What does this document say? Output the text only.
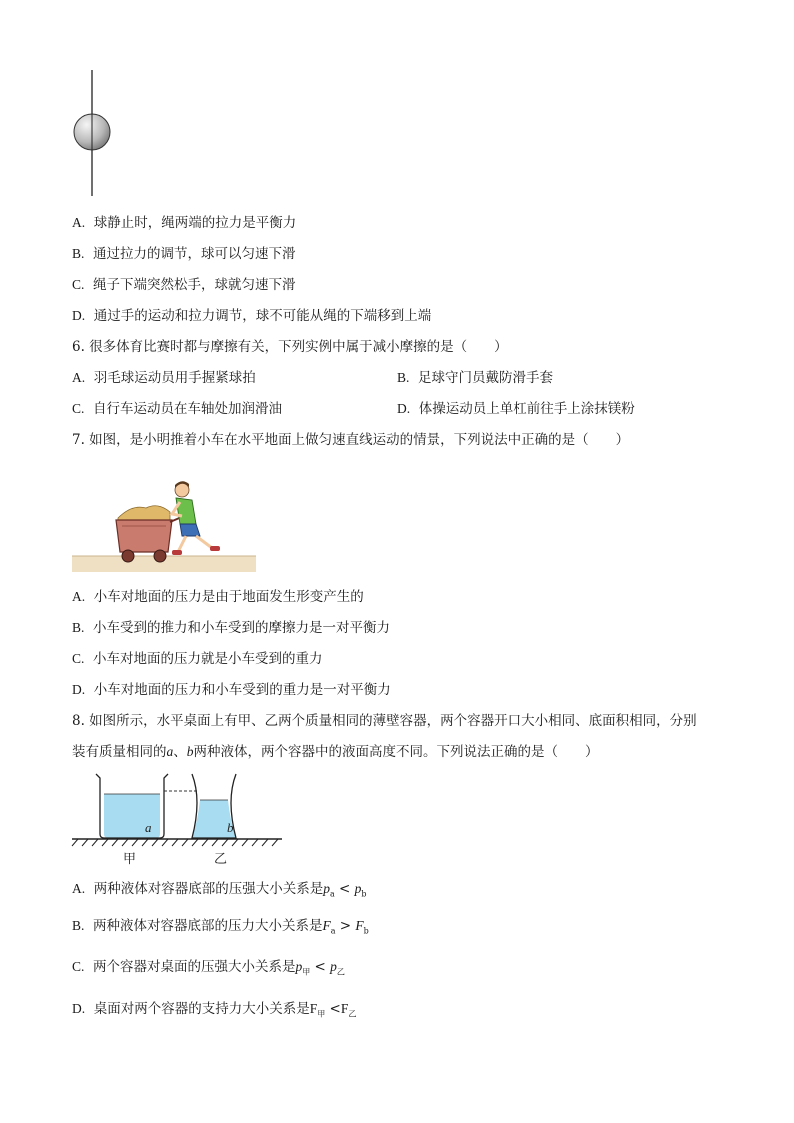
A. 球静止时，绳两端的拉力是平衡力
B. 通过拉力的调节，球可以匀速下滑
C. 绳子下端突然松手，球就匀速下滑
D. 通过手的运动和拉力调节，球不可能从绳的下端移到上端
6. 很多体育比赛时都与摩擦有关，下列实例中属于减小摩擦的是（　　）
A. 羽毛球运动员用手握紧球拍	B. 足球守门员戴防滑手套
C. 自行车运动员在车轴处加润滑油	D. 体操运动员上单杠前往手上涂抹镁粉
7. 如图，是小明推着小车在水平地面上做匀速直线运动的情景，下列说法中正确的是（　　）
A. 小车对地面的压力是由于地面发生形变产生的
B. 小车受到的推力和小车受到的摩擦力是一对平衡力
C. 小车对地面的压力就是小车受到的重力
D. 小车对地面的压力和小车受到的重力是一对平衡力
8. 如图所示，水平桌面上有甲、乙两个质量相同的薄壁容器，两个容器开口大小相同、底面积相同，分别
装有质量相同的a、b两种液体，两个容器中的液面高度不同。下列说法正确的是（　　）
a	b
甲	乙
A. 两种液体对容器底部的压强大小关系是$p_a < p_b$
B. 两种液体对容器底部的压力大小关系是$F_a > F_b$
C. 两个容器对桌面的压强大小关系是$p_甲 < p_乙$
D. 桌面对两个容器的支持力大小关系是$F_甲 <F_乙$
